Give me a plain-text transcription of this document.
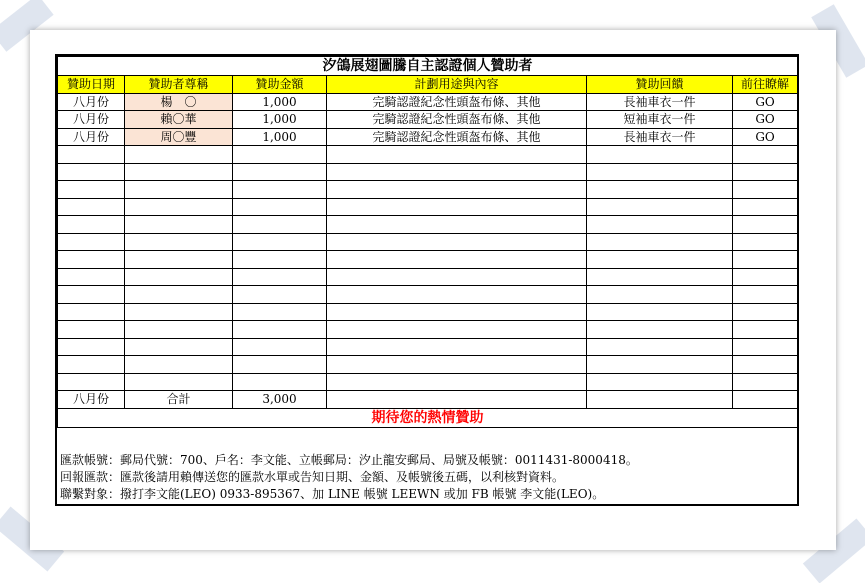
汐鴿展翅圖騰自主認證個人贊助者					
贊助日期	贊助者尊稱	贊助金額	計劃用途與內容	贊助回饋	前往瞭解
八月份	楊　〇	1,000	完騎認證紀念性頭盔布條、其他	長袖車衣一件	GO
八月份	賴〇華	1,000	完騎認證紀念性頭盔布條、其他	短袖車衣一件	GO
八月份	周〇豐	1,000	完騎認證紀念性頭盔布條、其他	長袖車衣一件	GO

八月份	合計	3,000			
期待您的熱情贊助					
匯款帳號：郵局代號：700、戶名：李文能、立帳郵局：汐止龍安郵局、局號及帳號：0011431-8000418。
回報匯款：匯款後請用賴傳送您的匯款水單或告知日期、金額、及帳號後五碼，以利核對資料。
聯繫對象：撥打李文能(LEO) 0933-895367、加 LINE 帳號 LEEWN 或加 FB 帳號 李文能(LEO)。
